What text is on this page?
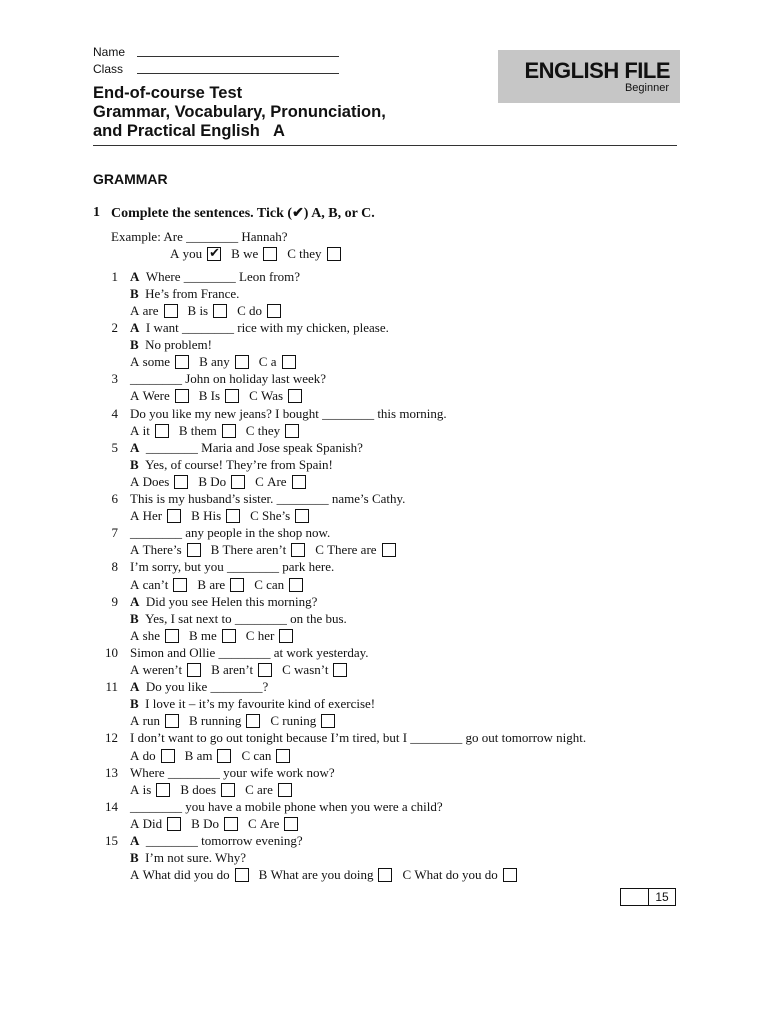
Name
Class
End-of-course Test
Grammar, Vocabulary, Pronunciation,
and Practical English   A
ENGLISH FILE
Beginner
GRAMMAR
1 Complete the sentences. Tick (✔) A, B, or C.
Example: Are ________ Hannah?
A you ✔ B we C they
1 A  Where ________ Leon from?
B  He’s from France.
A are B is C do
2 A  I want ________ rice with my chicken, please.
B  No problem!
A some B any C a
3 ________ John on holiday last week?
A Were B Is C Was
4 Do you like my new jeans? I bought ________ this morning.
A it B them C they
5 A  ________ Maria and Jose speak Spanish?
B  Yes, of course! They’re from Spain!
A Does B Do C Are
6 This is my husband’s sister. ________ name’s Cathy.
A Her B His C She’s
7 ________ any people in the shop now.
A There’s B There aren’t C There are
8 I’m sorry, but you ________ park here.
A can’t B are C can
9 A  Did you see Helen this morning?
B  Yes, I sat next to ________ on the bus.
A she B me C her
10 Simon and Ollie ________ at work yesterday.
A weren’t B aren’t C wasn’t
11 A  Do you like ________?
B  I love it – it’s my favourite kind of exercise!
A run B running C runing
12 I don’t want to go out tonight because I’m tired, but I ________ go out tomorrow night.
A do B am C can
13 Where ________ your wife work now?
A is B does C are
14 ________ you have a mobile phone when you were a child?
A Did B Do C Are
15 A  ________ tomorrow evening?
B  I’m not sure. Why?
A What did you do B What are you doing C What do you do
15
